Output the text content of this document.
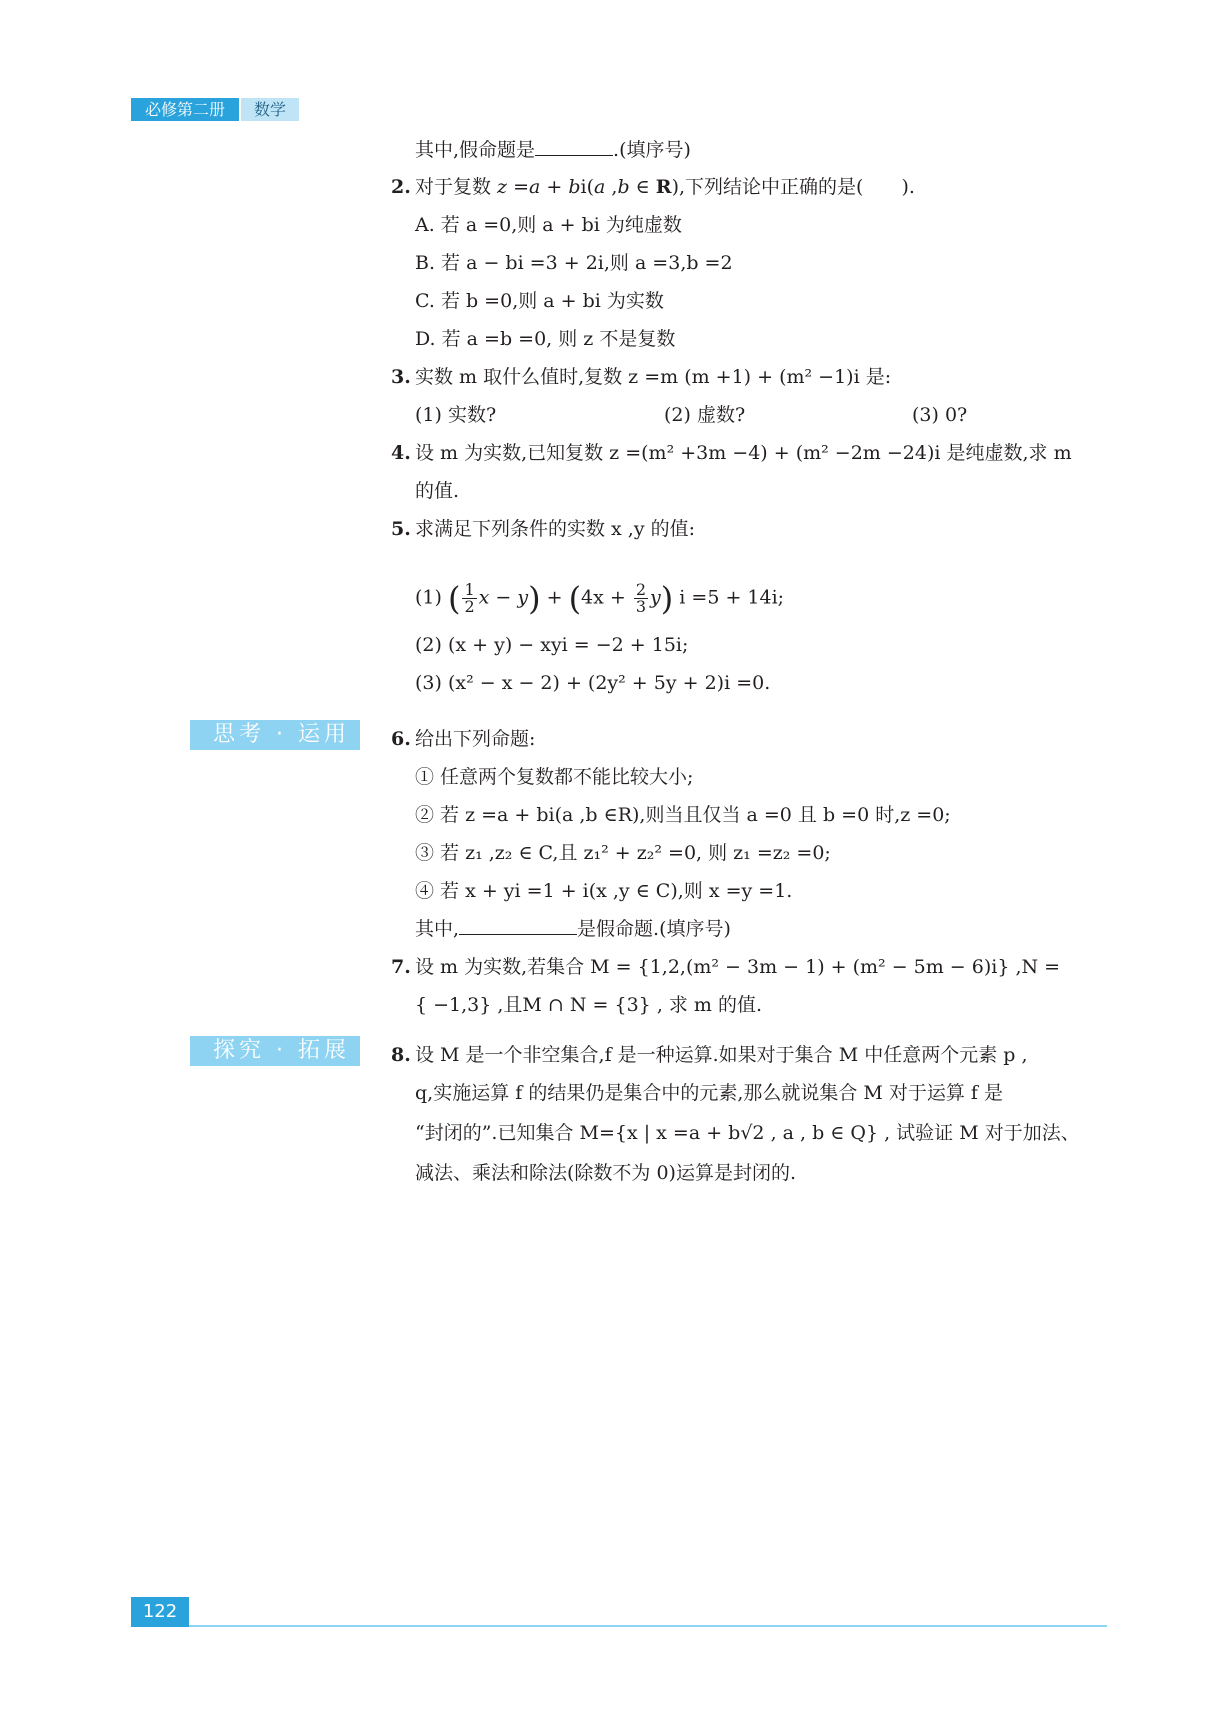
必修第二册	数学
其中,假命题是	.(填序号)
2. 对于复数 z =a + bi(a ,b ∈ R),下列结论中正确的是(　　).
A. 若 a =0,则 a + bi 为纯虚数
B. 若 a − bi =3 + 2i,则 a =3,b =2
C. 若 b =0,则 a + bi 为实数
D. 若 a =b =0, 则 z 不是复数
3. 实数 m 取什么值时,复数 z =m (m +1) + (m² −1)i 是:
(1) 实数?	(2) 虚数?	(3) 0?
4. 设 m 为实数,已知复数 z =(m² +3m −4) + (m² −2m −24)i 是纯虚数,求 m
的值.
5. 求满足下列条件的实数 x ,y 的值:
(1) ( $\frac{1}{2}$ $x - y) + (4x + \frac{2}{3} y)$ i =5 + 14i;
(2) (x + y) − xyi = −2 + 15i;
(3) (x² − x − 2) + (2y² + 5y + 2)i =0.
思考 · 运用	6. 给出下列命题:
① 任意两个复数都不能比较大小;
② 若 z =a + bi(a ,b ∈R),则当且仅当 a =0 且 b =0 时,z =0;
③ 若 z₁ ,z₂ ∈ C,且 z₁² + z₂² =0, 则 z₁ =z₂ =0;
④ 若 x + yi =1 + i(x ,y ∈ C),则 x =y =1.
其中,	是假命题.(填序号)
7. 设 m 为实数,若集合 M = {1,2,(m² − 3m − 1) + (m² − 5m − 6)i} ,N =
{ −1,3} ,且M ∩ N = {3} , 求 m 的值.
探究 · 拓展	8. 设 M 是一个非空集合,f 是一种运算.如果对于集合 M 中任意两个元素 p ,
q,实施运算 f 的结果仍是集合中的元素,那么就说集合 M 对于运算 f 是
“封闭的”.已知集合 M={x | x =a + b√2 , a , b ∈ Q} , 试验证 M 对于加法、
减法、乘法和除法(除数不为 0)运算是封闭的.
122
